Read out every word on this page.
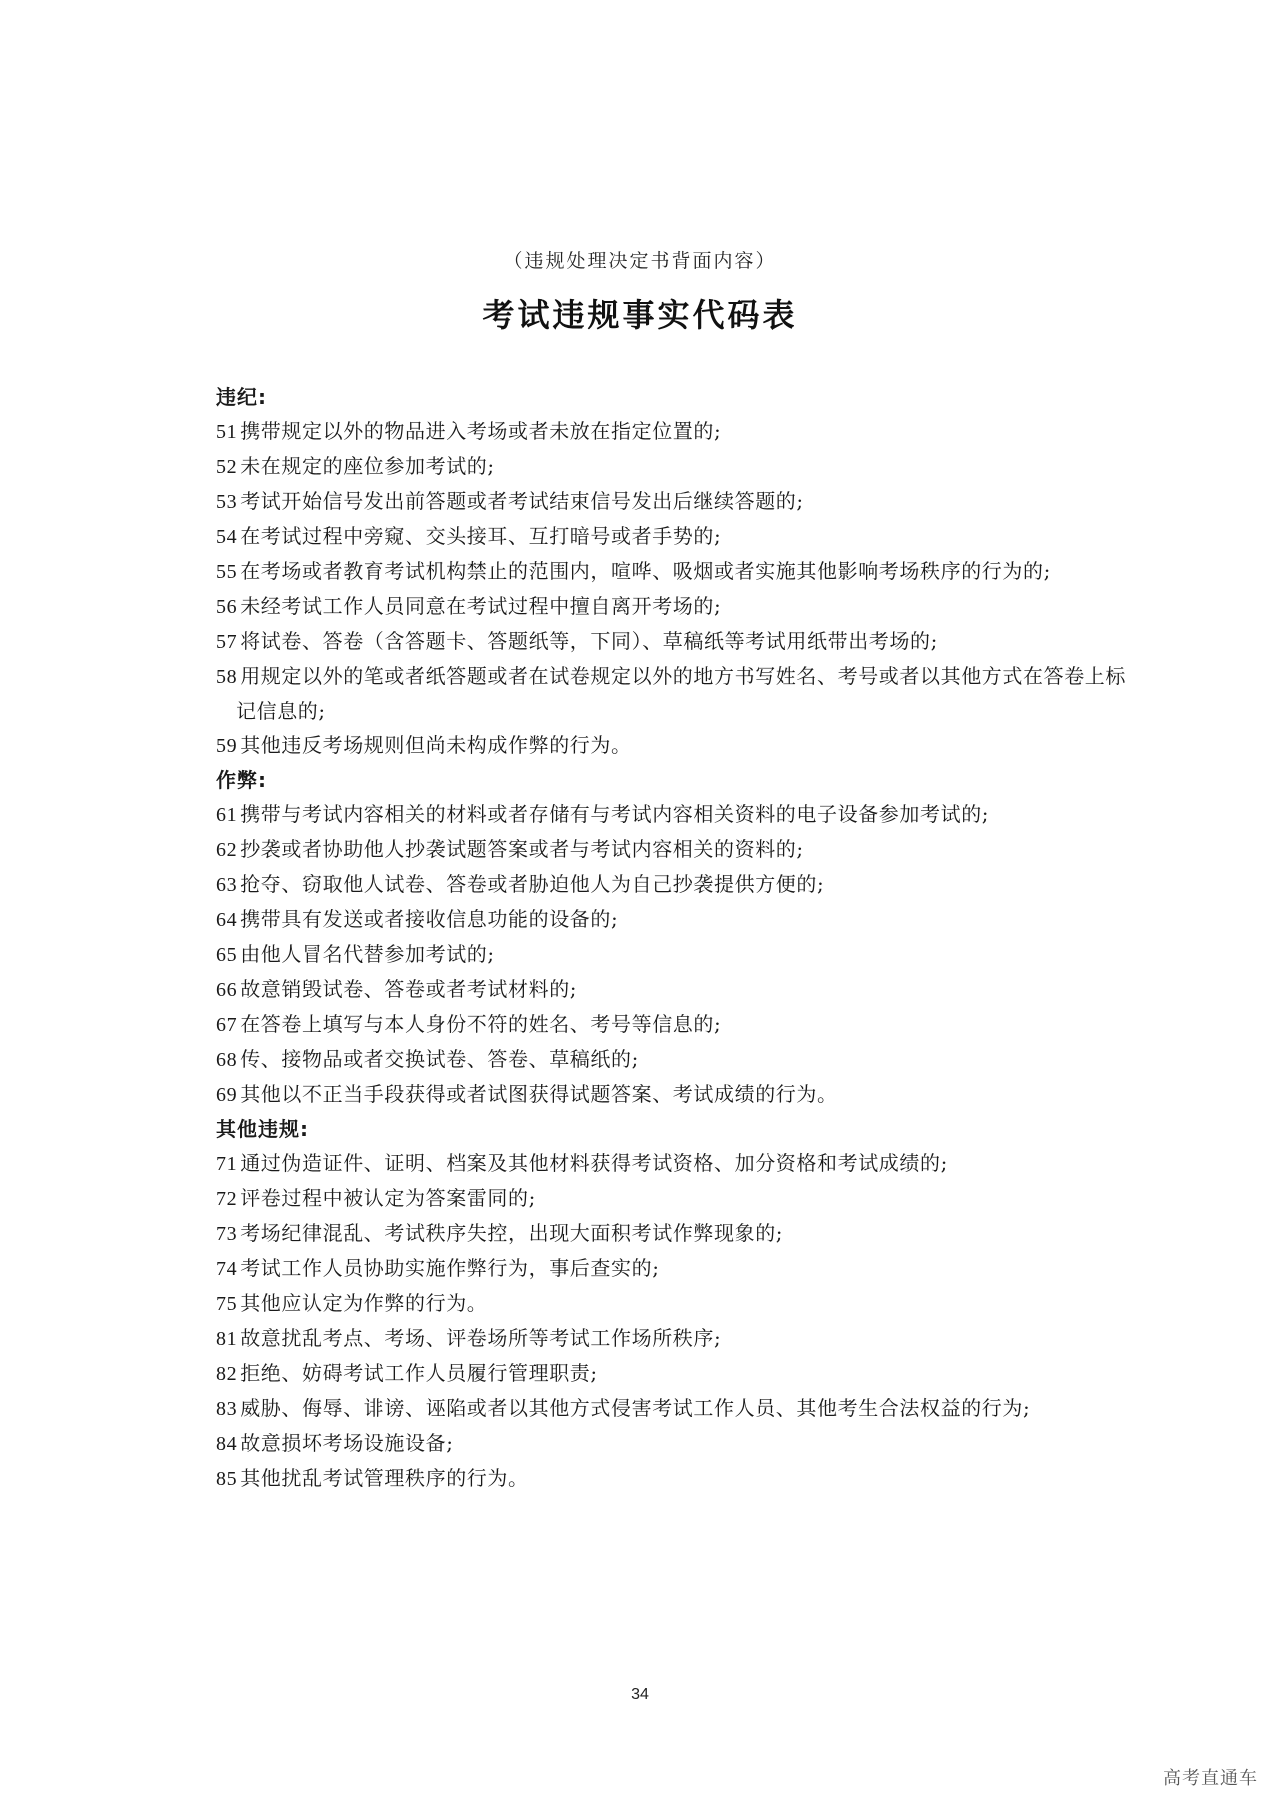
（违规处理决定书背面内容）
考试违规事实代码表
违纪:
51 携带规定以外的物品进入考场或者未放在指定位置的;
52 未在规定的座位参加考试的;
53 考试开始信号发出前答题或者考试结束信号发出后继续答题的;
54 在考试过程中旁窥、交头接耳、互打暗号或者手势的;
55 在考场或者教育考试机构禁止的范围内，喧哗、吸烟或者实施其他影响考场秩序的行为的;
56 未经考试工作人员同意在考试过程中擅自离开考场的;
57 将试卷、答卷（含答题卡、答题纸等，下同）、草稿纸等考试用纸带出考场的;
58 用规定以外的笔或者纸答题或者在试卷规定以外的地方书写姓名、考号或者以其他方式在答卷上标记信息的;
59 其他违反考场规则但尚未构成作弊的行为。
作弊:
61 携带与考试内容相关的材料或者存储有与考试内容相关资料的电子设备参加考试的;
62 抄袭或者协助他人抄袭试题答案或者与考试内容相关的资料的;
63 抢夺、窃取他人试卷、答卷或者胁迫他人为自己抄袭提供方便的;
64 携带具有发送或者接收信息功能的设备的;
65 由他人冒名代替参加考试的;
66 故意销毁试卷、答卷或者考试材料的;
67 在答卷上填写与本人身份不符的姓名、考号等信息的;
68 传、接物品或者交换试卷、答卷、草稿纸的;
69 其他以不正当手段获得或者试图获得试题答案、考试成绩的行为。
其他违规:
71 通过伪造证件、证明、档案及其他材料获得考试资格、加分资格和考试成绩的;
72 评卷过程中被认定为答案雷同的;
73 考场纪律混乱、考试秩序失控，出现大面积考试作弊现象的;
74 考试工作人员协助实施作弊行为，事后查实的;
75 其他应认定为作弊的行为。
81 故意扰乱考点、考场、评卷场所等考试工作场所秩序;
82 拒绝、妨碍考试工作人员履行管理职责;
83 威胁、侮辱、诽谤、诬陷或者以其他方式侵害考试工作人员、其他考生合法权益的行为;
84 故意损坏考场设施设备;
85 其他扰乱考试管理秩序的行为。
34
高考直通车
